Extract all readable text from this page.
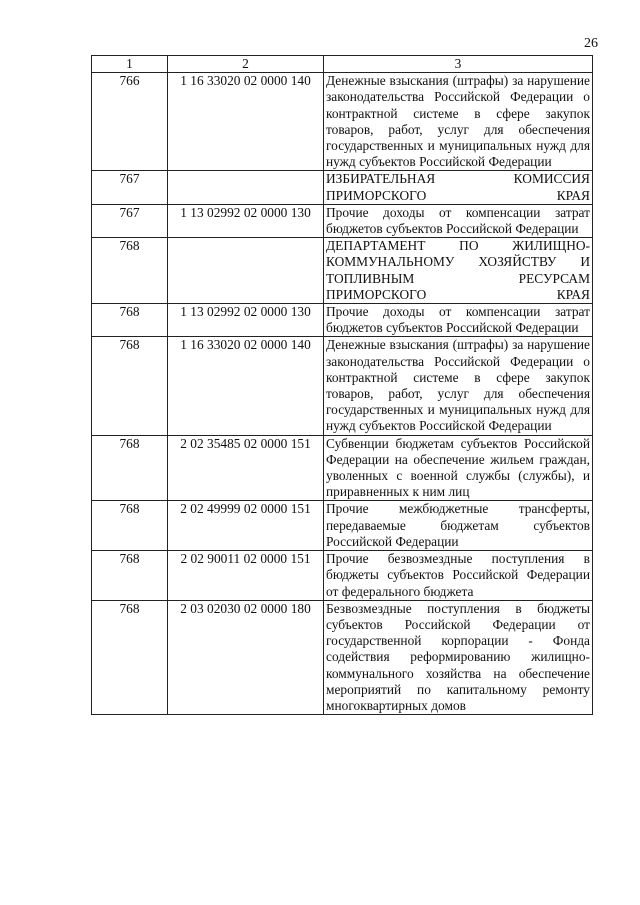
26
1	2	3
766	1 16 33020 02 0000 140	Денежные взыскания (штрафы) за нарушение законодательства Российской Федерации о контрактной системе в сфере закупок товаров, работ, услуг для обеспечения государственных и муниципальных нужд для нужд субъектов Российской Федерации
767		ИЗБИРАТЕЛЬНАЯ КОМИССИЯ ПРИМОРСКОГО КРАЯ
767	1 13 02992 02 0000 130	Прочие доходы от компенсации затрат бюджетов субъектов Российской Федерации
768		ДЕПАРТАМЕНТ ПО ЖИЛИЩНО-КОММУНАЛЬНОМУ ХОЗЯЙСТВУ И ТОПЛИВНЫМ РЕСУРСАМ ПРИМОРСКОГО КРАЯ
768	1 13 02992 02 0000 130	Прочие доходы от компенсации затрат бюджетов субъектов Российской Федерации
768	1 16 33020 02 0000 140	Денежные взыскания (штрафы) за нарушение законодательства Российской Федерации о контрактной системе в сфере закупок товаров, работ, услуг для обеспечения государственных и муниципальных нужд для нужд субъектов Российской Федерации
768	2 02 35485 02 0000 151	Субвенции бюджетам субъектов Российской Федерации на обеспечение жильем граждан, уволенных с военной службы (службы), и приравненных к ним лиц
768	2 02 49999 02 0000 151	Прочие межбюджетные трансферты, передаваемые бюджетам субъектов Российской Федерации
768	2 02 90011 02 0000 151	Прочие безвозмездные поступления в бюджеты субъектов Российской Федерации от федерального бюджета
768	2 03 02030 02 0000 180	Безвозмездные поступления в бюджеты субъектов Российской Федерации от государственной корпорации - Фонда содействия реформированию жилищно-коммунального хозяйства на обеспечение мероприятий по капитальному ремонту многоквартирных домов
